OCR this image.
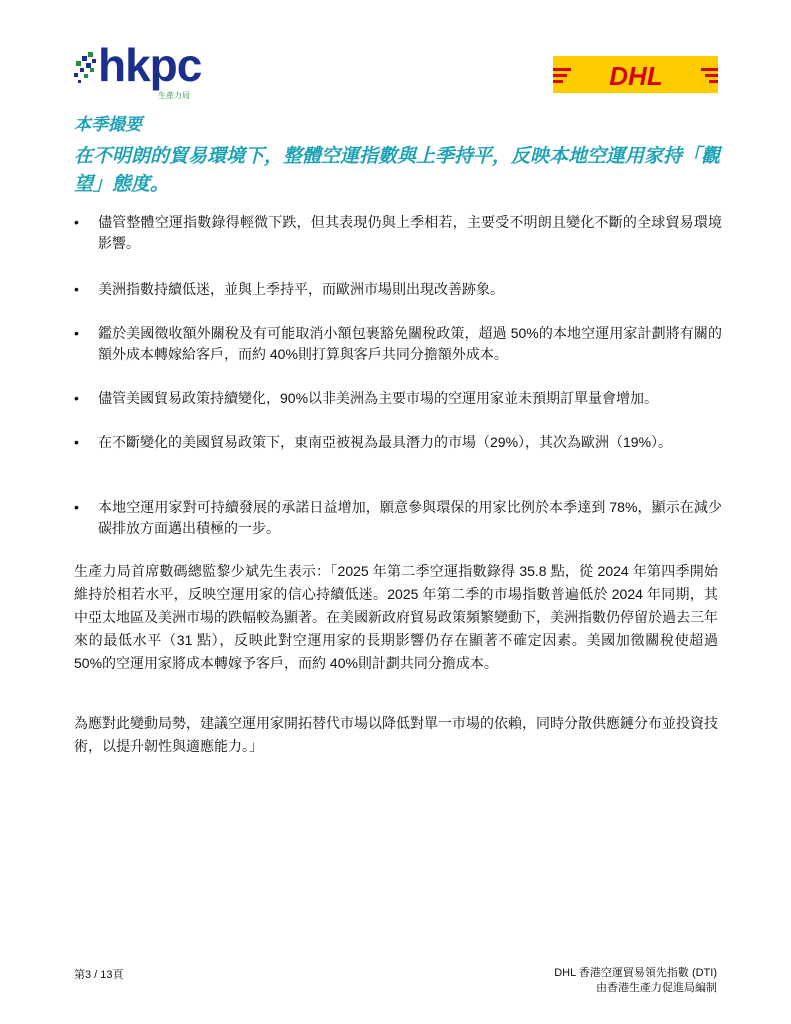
hkpc
生產力局
DHL
本季撮要
在不明朗的貿易環境下，整體空運指數與上季持平，反映本地空運用家持「觀望」態度。
•	儘管整體空運指數錄得輕微下跌，但其表現仍與上季相若，主要受不明朗且變化不斷的全球貿易環境影響。
•	美洲指數持續低迷，並與上季持平，而歐洲市場則出現改善跡象。
•	鑑於美國徵收額外關稅及有可能取消小額包裹豁免關稅政策，超過 50%的本地空運用家計劃將有關的額外成本轉嫁給客戶，而約 40%則打算與客戶共同分擔額外成本。
•	儘管美國貿易政策持續變化，90%以非美洲為主要市場的空運用家並未預期訂單量會增加。
•	在不斷變化的美國貿易政策下，東南亞被視為最具潛力的市場（29%），其次為歐洲（19%）。
•	本地空運用家對可持續發展的承諾日益增加，願意參與環保的用家比例於本季達到 78%，顯示在減少碳排放方面邁出積極的一步。

生產力局首席數碼總監黎少斌先生表示：「2025 年第二季空運指數錄得 35.8 點，從 2024 年第四季開始維持於相若水平，反映空運用家的信心持續低迷。2025 年第二季的市場指數普遍低於 2024 年同期，其中亞太地區及美洲市場的跌幅較為顯著。在美國新政府貿易政策頻繁變動下，美洲指數仍停留於過去三年來的最低水平（31 點），反映此對空運用家的長期影響仍存在顯著不確定因素。美國加徵關稅使超過 50%的空運用家將成本轉嫁予客戶，而約 40%則計劃共同分擔成本。

為應對此變動局勢，建議空運用家開拓替代市場以降低對單一市場的依賴，同時分散供應鏈分布並投資技術，以提升韌性與適應能力。」

第3 / 13頁	DHL 香港空運貿易領先指數 (DTI)
由香港生產力促進局編制
